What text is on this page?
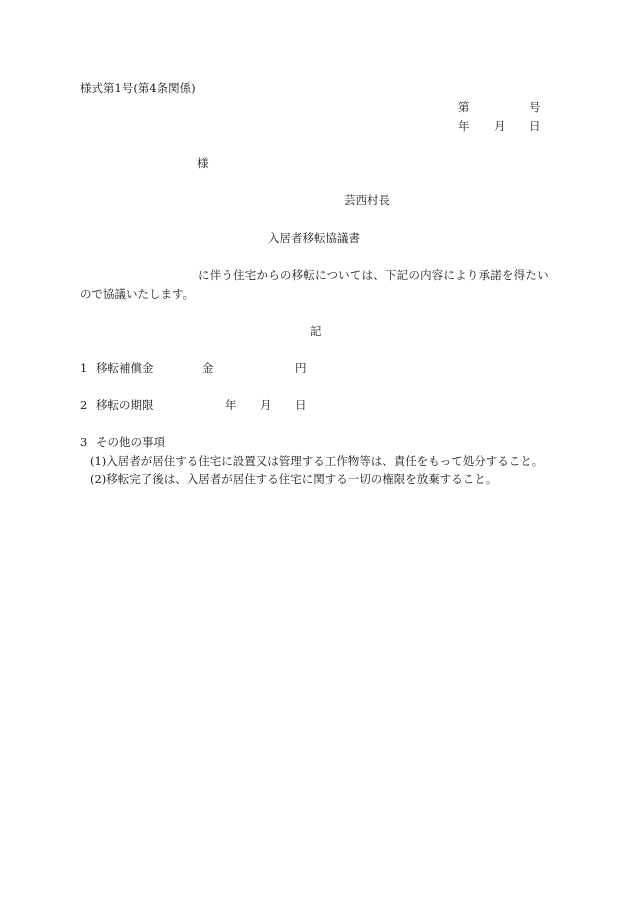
様式第1号(第4条関係)
第	号
年 月 日
様
芸西村長
入居者移転協議書
に伴う住宅からの移転については、下記の内容により承諾を得たい
ので協議いたします。
記
1 移転補償金	金	円
2 移転の期限	年 月 日
3 その他の事項
(1)入居者が居住する住宅に設置又は管理する工作物等は、責任をもって処分すること。
(2)移転完了後は、入居者が居住する住宅に関する一切の権限を放棄すること。
